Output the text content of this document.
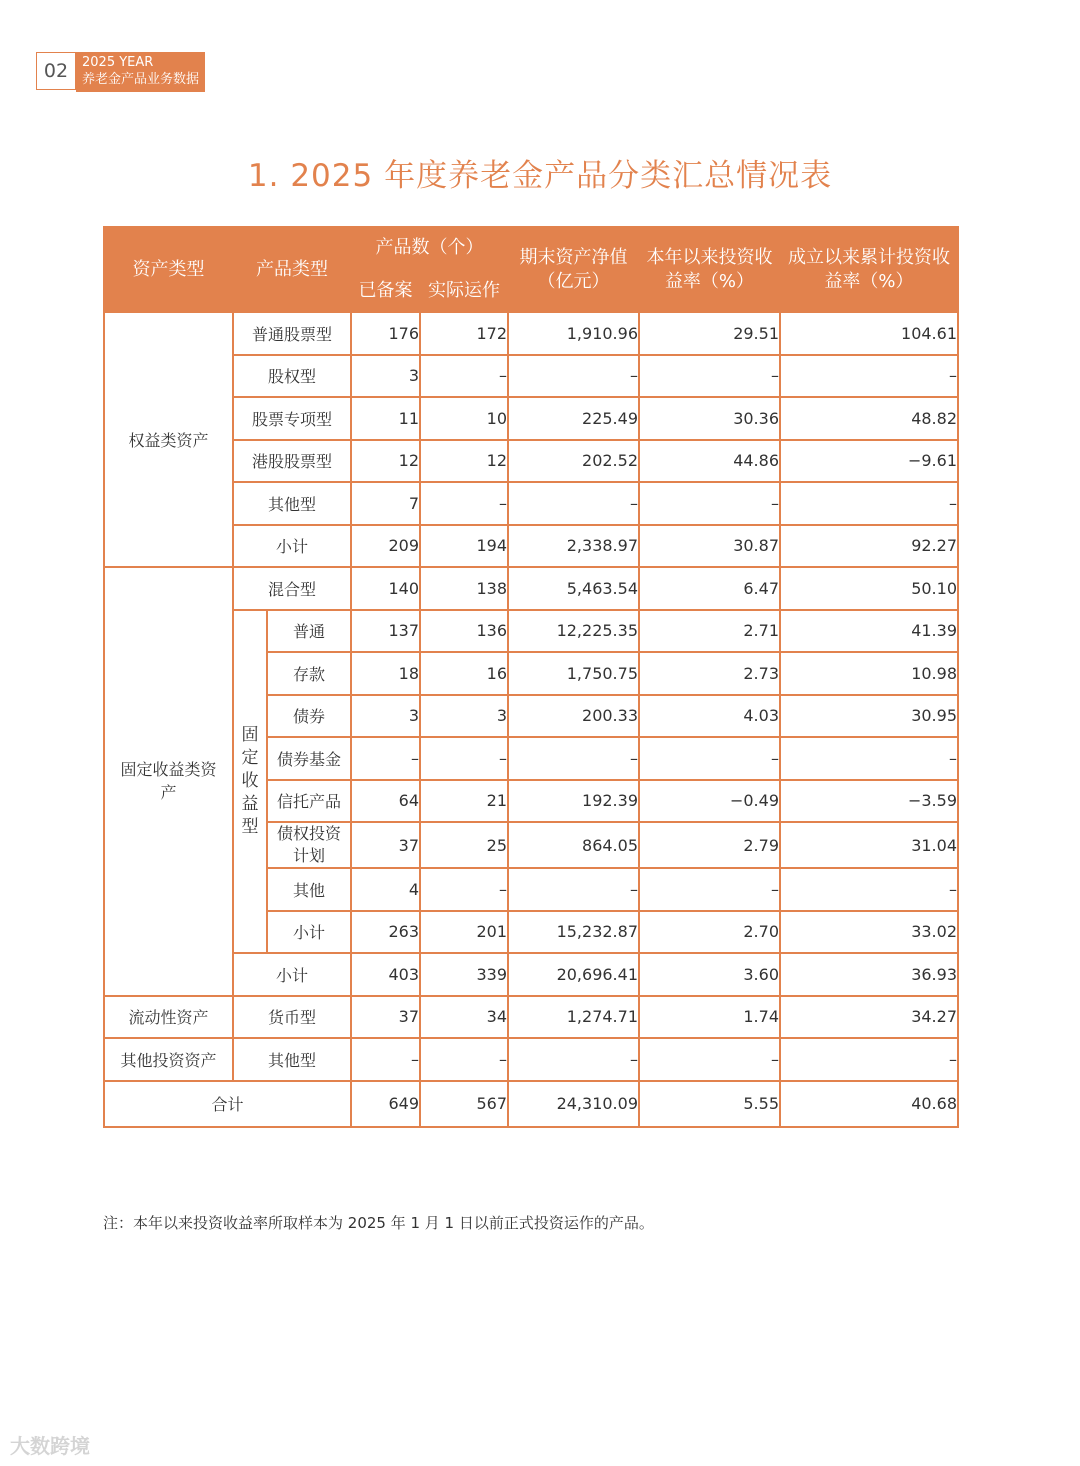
02	2025 YEAR
养老金产品业务数据
1. 2025 年度养老金产品分类汇总情况表
资产类型	产品类型		产品数（个）		期末资产净值（亿元）	本年以来投资收益率（%）	成立以来累计投资收益率（%）
			已备案	实际运作			
权益类资产	普通股票型		176	172	1,910.96	29.51	104.61
	股权型		3	–	–	–	–
	股票专项型		11	10	225.49	30.36	48.82
	港股股票型		12	12	202.52	44.86	−9.61
	其他型		7	–	–	–	–
	小计		209	194	2,338.97	30.87	92.27
固定收益类资产	混合型		140	138	5,463.54	6.47	50.10

	固定收益型	普通	137	136	12,225.35	2.71	41.39
		存款	18	16	1,750.75	2.73	10.98
		债券	3	3	200.33	4.03	30.95
		债券基金	–	–	–	–	–
		信托产品	64	21	192.39	−0.49	−3.59
		债权投资计划	37	25	864.05	2.79	31.04
		其他	4	–	–	–	–
		小计	263	201	15,232.87	2.70	33.02
	小计		403	339	20,696.41	3.60	36.93
流动性资产	货币型		37	34	1,274.71	1.74	34.27
其他投资资产	其他型		–	–	–	–	–
合计			649	567	24,310.09	5.55	40.68
注：本年以来投资收益率所取样本为 2025 年 1 月 1 日以前正式投资运作的产品。
大数跨境
